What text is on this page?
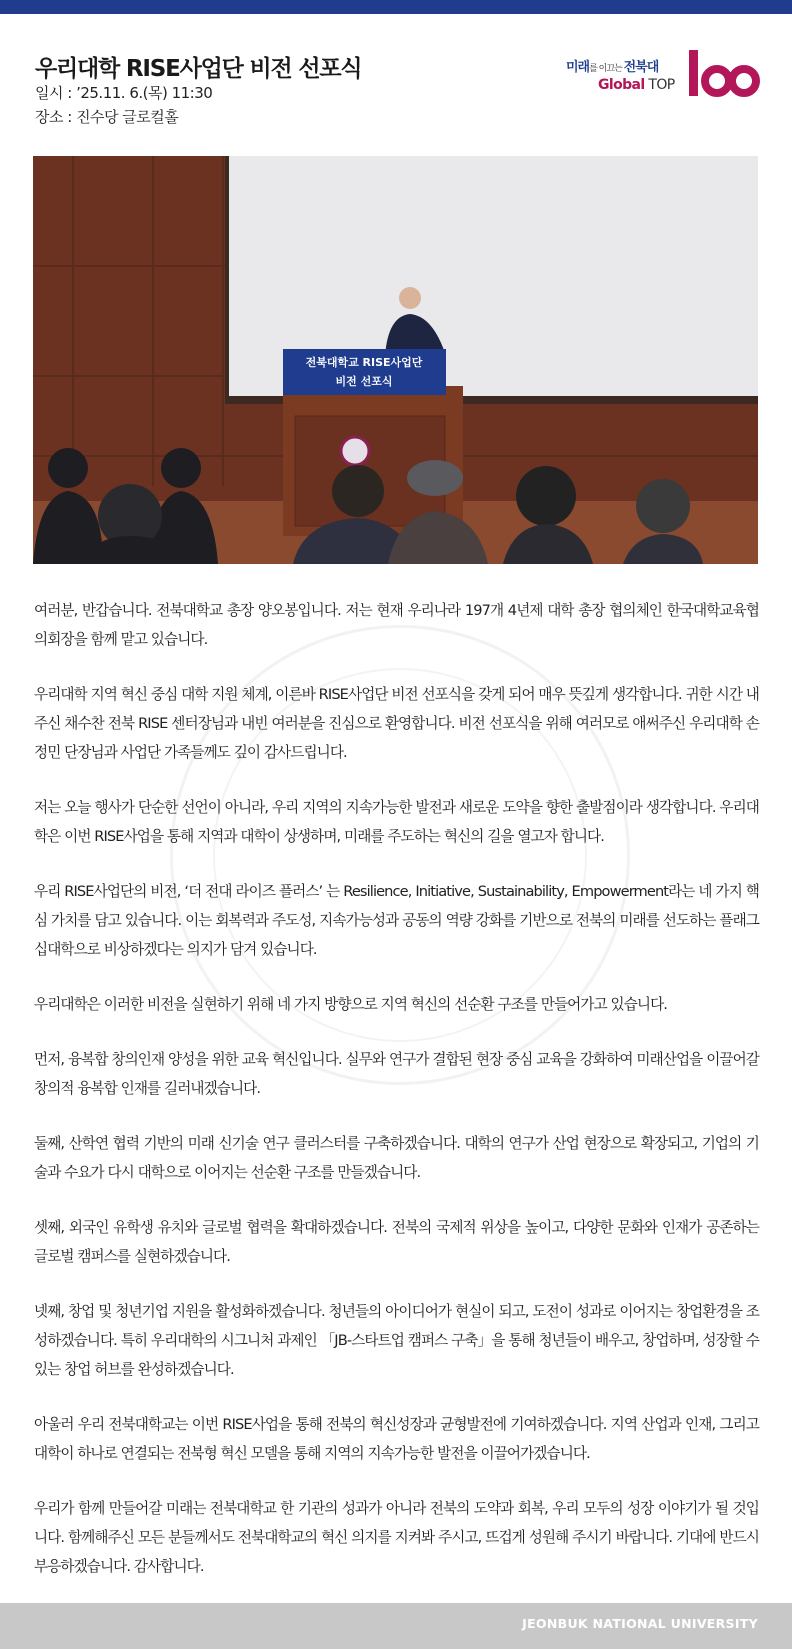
우리대학 RISE사업단 비전 선포식
일시 : ’25.11. 6.(목) 11:30
장소 : 진수당 글로컬홀
미래를 이끄는 전북대
Global TOP
전북대학교 RISE사업단
비전 선포식

여러분, 반갑습니다. 전북대학교 총장 양오봉입니다. 저는 현재 우리나라 197개 4년제 대학 총장 협의체인 한국대학교육협의회장을 함께 맡고 있습니다.

우리대학 지역 혁신 중심 대학 지원 체계, 이른바 RISE사업단 비전 선포식을 갖게 되어 매우 뜻깊게 생각합니다. 귀한 시간 내주신 채수찬 전북 RISE 센터장님과 내빈 여러분을 진심으로 환영합니다. 비전 선포식을 위해 여러모로 애써주신 우리대학 손정민 단장님과 사업단 가족들께도 깊이 감사드립니다.

저는 오늘 행사가 단순한 선언이 아니라, 우리 지역의 지속가능한 발전과 새로운 도약을 향한 출발점이라 생각합니다. 우리대학은 이번 RISE사업을 통해 지역과 대학이 상생하며, 미래를 주도하는 혁신의 길을 열고자 합니다.

우리 RISE사업단의 비전, ‘더 전대 라이즈 플러스’ 는 Resilience, Initiative, Sustainability, Empowerment라는 네 가지 핵심 가치를 담고 있습니다. 이는 회복력과 주도성, 지속가능성과 공동의 역량 강화를 기반으로 전북의 미래를 선도하는 플래그십대학으로 비상하겠다는 의지가 담겨 있습니다.

우리대학은 이러한 비전을 실현하기 위해 네 가지 방향으로 지역 혁신의 선순환 구조를 만들어가고 있습니다.

먼저, 융복합 창의인재 양성을 위한 교육 혁신입니다. 실무와 연구가 결합된 현장 중심 교육을 강화하여 미래산업을 이끌어갈 창의적 융복합 인재를 길러내겠습니다.

둘째, 산학연 협력 기반의 미래 신기술 연구 클러스터를 구축하겠습니다. 대학의 연구가 산업 현장으로 확장되고, 기업의 기술과 수요가 다시 대학으로 이어지는 선순환 구조를 만들겠습니다.

셋째, 외국인 유학생 유치와 글로벌 협력을 확대하겠습니다. 전북의 국제적 위상을 높이고, 다양한 문화와 인재가 공존하는 글로벌 캠퍼스를 실현하겠습니다.

넷째, 창업 및 청년기업 지원을 활성화하겠습니다. 청년들의 아이디어가 현실이 되고, 도전이 성과로 이어지는 창업환경을 조성하겠습니다. 특히 우리대학의 시그니처 과제인 「JB-스타트업 캠퍼스 구축」을 통해 청년들이 배우고, 창업하며, 성장할 수 있는 창업 허브를 완성하겠습니다.

아울러 우리 전북대학교는 이번 RISE사업을 통해 전북의 혁신성장과 균형발전에 기여하겠습니다. 지역 산업과 인재, 그리고 대학이 하나로 연결되는 전북형 혁신 모델을 통해 지역의 지속가능한 발전을 이끌어가겠습니다.

우리가 함께 만들어갈 미래는 전북대학교 한 기관의 성과가 아니라 전북의 도약과 회복, 우리 모두의 성장 이야기가 될 것입니다. 함께해주신 모든 분들께서도 전북대학교의 혁신 의지를 지켜봐 주시고, 뜨겁게 성원해 주시기 바랍니다. 기대에 반드시 부응하겠습니다. 감사합니다.

JEONBUK NATIONAL UNIVERSITY
